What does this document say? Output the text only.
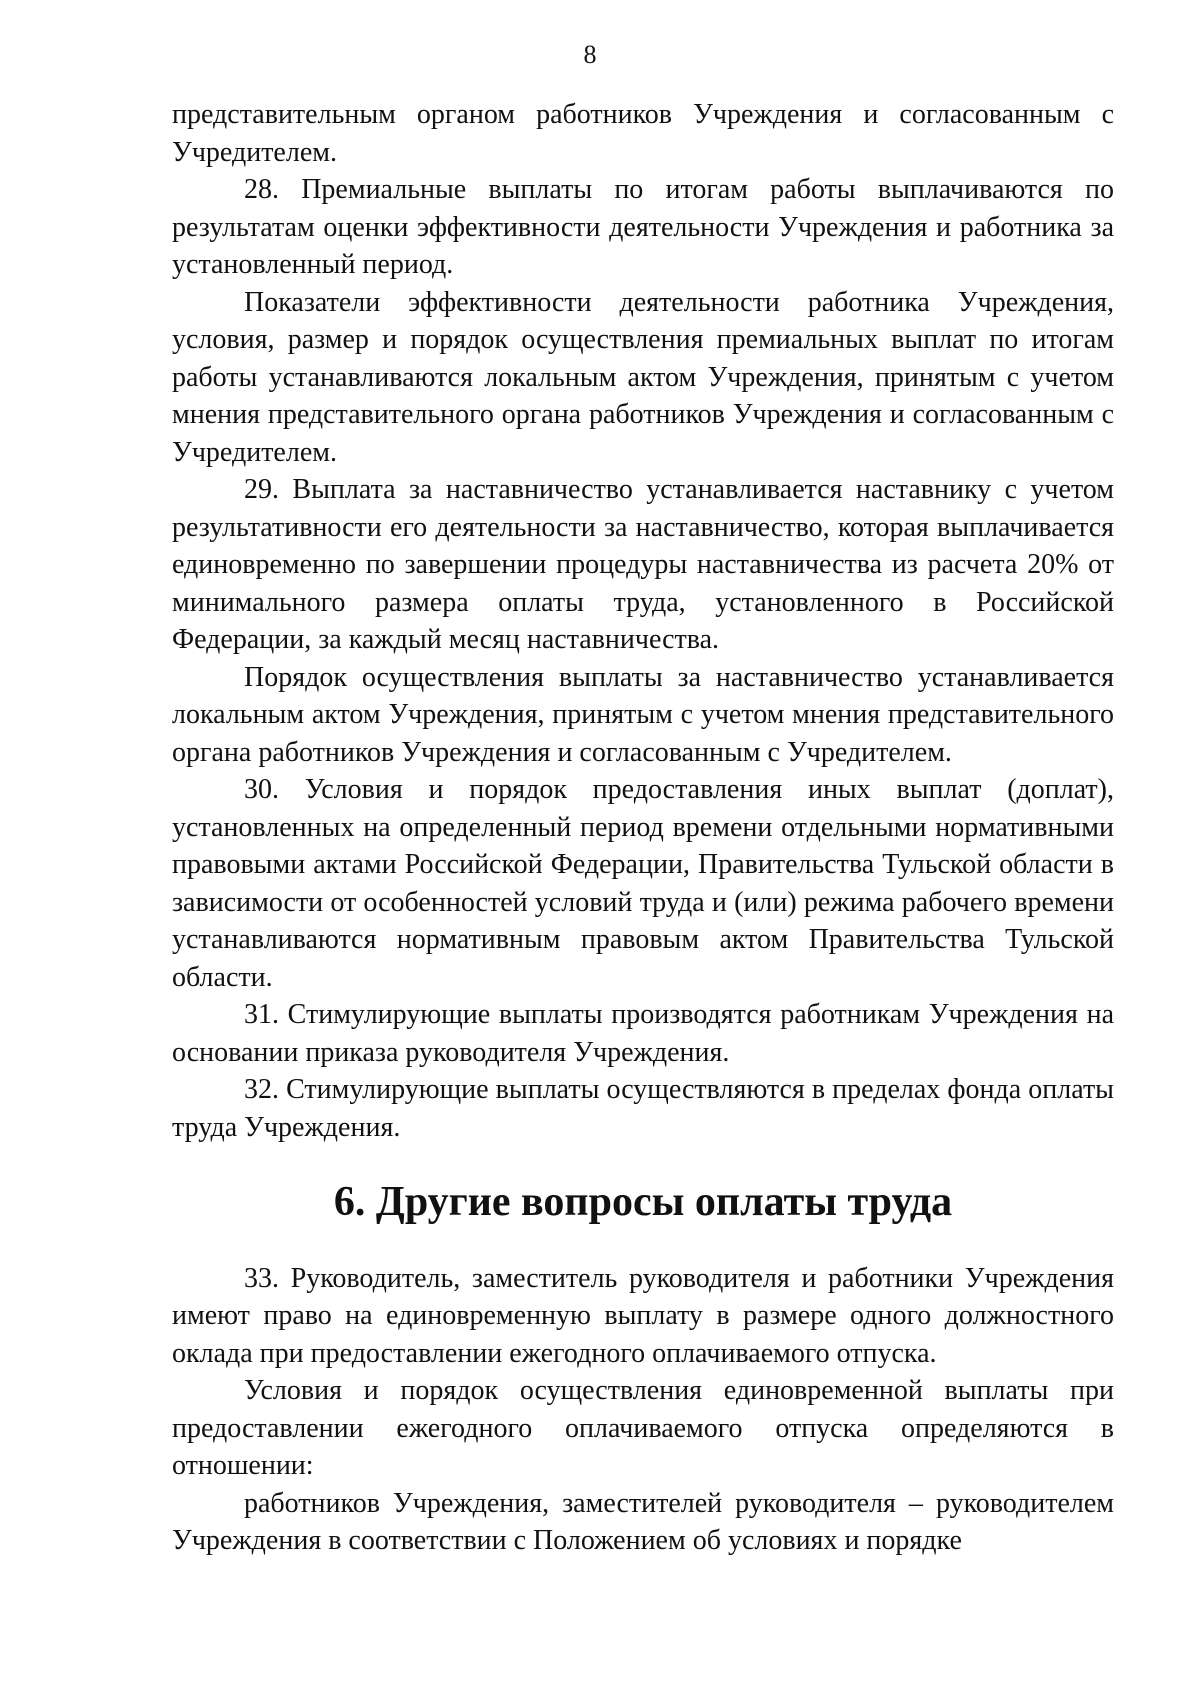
8

представительным органом работников Учреждения и согласованным с Учредителем.

28. Премиальные выплаты по итогам работы выплачиваются по результатам оценки эффективности деятельности Учреждения и работника за установленный период.

Показатели эффективности деятельности работника Учреждения, условия, размер и порядок осуществления премиальных выплат по итогам работы устанавливаются локальным актом Учреждения, принятым с учетом мнения представительного органа работников Учреждения и согласованным с Учредителем.

29. Выплата за наставничество устанавливается наставнику с учетом результативности его деятельности за наставничество, которая выплачивается единовременно по завершении процедуры наставничества из расчета 20% от минимального размера оплаты труда, установленного в Российской Федерации, за каждый месяц наставничества.

Порядок осуществления выплаты за наставничество устанавливается локальным актом Учреждения, принятым с учетом мнения представительного органа работников Учреждения и согласованным с Учредителем.

30. Условия и порядок предоставления иных выплат (доплат), установленных на определенный период времени отдельными нормативными правовыми актами Российской Федерации, Правительства Тульской области в зависимости от особенностей условий труда и (или) режима рабочего времени устанавливаются нормативным правовым актом Правительства Тульской области.

31. Стимулирующие выплаты производятся работникам Учреждения на основании приказа руководителя Учреждения.

32. Стимулирующие выплаты осуществляются в пределах фонда оплаты труда Учреждения.

6. Другие вопросы оплаты труда

33. Руководитель, заместитель руководителя и работники Учреждения имеют право на единовременную выплату в размере одного должностного оклада при предоставлении ежегодного оплачиваемого отпуска.

Условия и порядок осуществления единовременной выплаты при предоставлении ежегодного оплачиваемого отпуска определяются в отношении:

работников Учреждения, заместителей руководителя – руководителем Учреждения в соответствии с Положением об условиях и порядке
